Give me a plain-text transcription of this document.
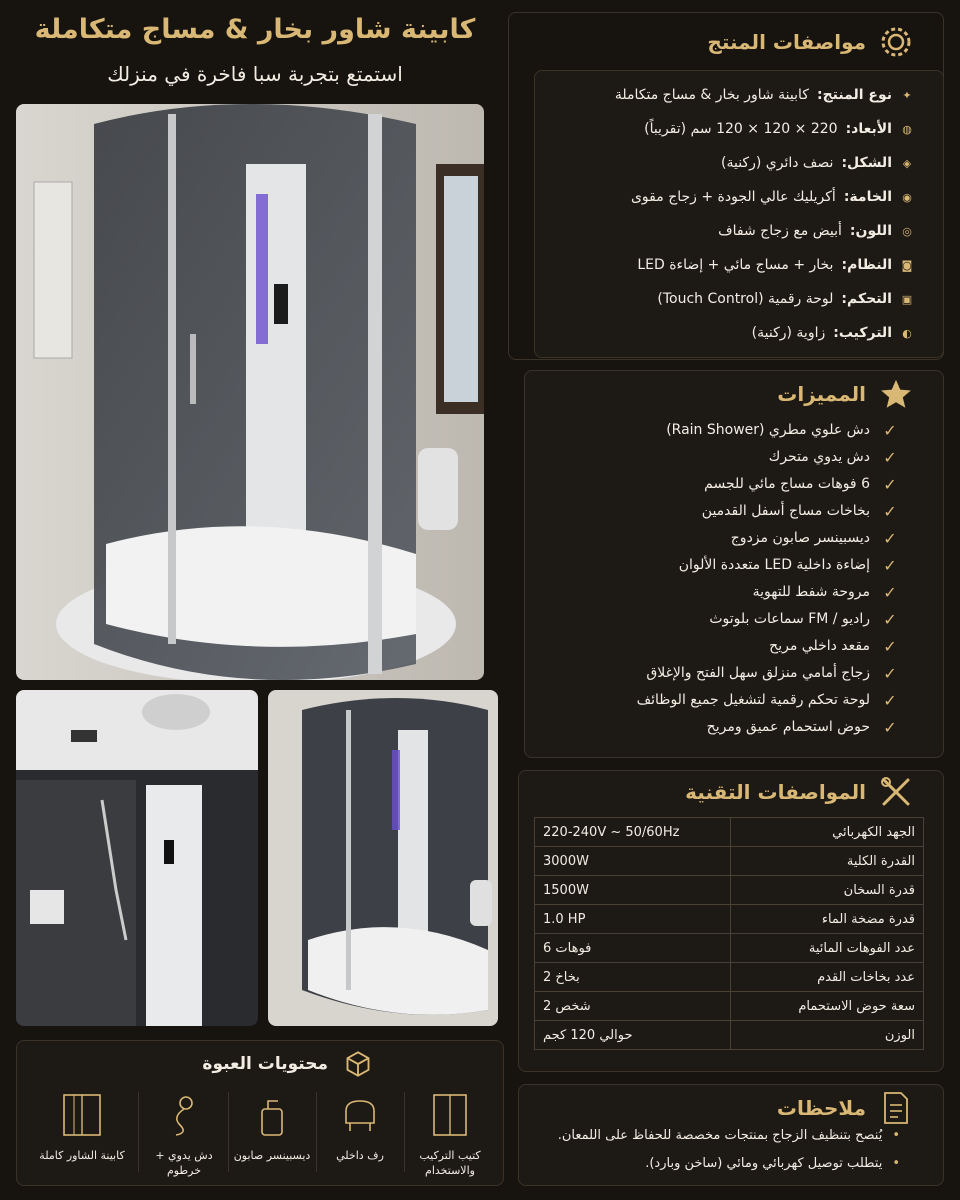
كابينة شاور بخار & مساج متكاملة
استمتع بتجربة سبا فاخرة في منزلك
مواصفات المنتج
✦
نوع المنتج:
كابينة شاور بخار & مساج متكاملة
◍
الأبعاد:
220 × 120 × 120 سم (تقريباً)
◈
الشكل:
نصف دائري (ركنية)
◉
الخامة:
أكريليك عالي الجودة + زجاج مقوى
◎
اللون:
أبيض مع زجاج شفاف
◙
النظام:
بخار + مساج مائي + إضاءة LED
▣
التحكم:
لوحة رقمية (Touch Control)
◐
التركيب:
زاوية (ركنية)
المميزات
✓
دش علوي مطري (Rain Shower)
✓
دش يدوي متحرك
✓
6 فوهات مساج مائي للجسم
✓
بخاخات مساج أسفل القدمين
✓
ديسبينسر صابون مزدوج
✓
إضاءة داخلية LED متعددة الألوان
✓
مروحة شفط للتهوية
✓
راديو / FM سماعات بلوتوث
✓
مقعد داخلي مريح
✓
زجاج أمامي منزلق سهل الفتح والإغلاق
✓
لوحة تحكم رقمية لتشغيل جميع الوظائف
✓
حوض استحمام عميق ومريح
المواصفات التقنية
الجهد الكهربائي	220-240V ~ 50/60Hz
القدرة الكلية	3000W
قدرة السخان	1500W
قدرة مضخة الماء	1.0 HP
عدد الفوهات المائية	6 فوهات
عدد بخاخات القدم	2 بخاخ
سعة حوض الاستحمام	2 شخص
الوزن	حوالي 120 كجم
محتويات العبوة
كابينة الشاور كاملة	دش يدوي + خرطوم
ديسبينسر صابون	رف داخلي	كتيب التركيب والاستخدام
ملاحظات
•
يُنصح بتنظيف الزجاج بمنتجات مخصصة للحفاظ على اللمعان.
•
يتطلب توصيل كهربائي ومائي (ساخن وبارد).
